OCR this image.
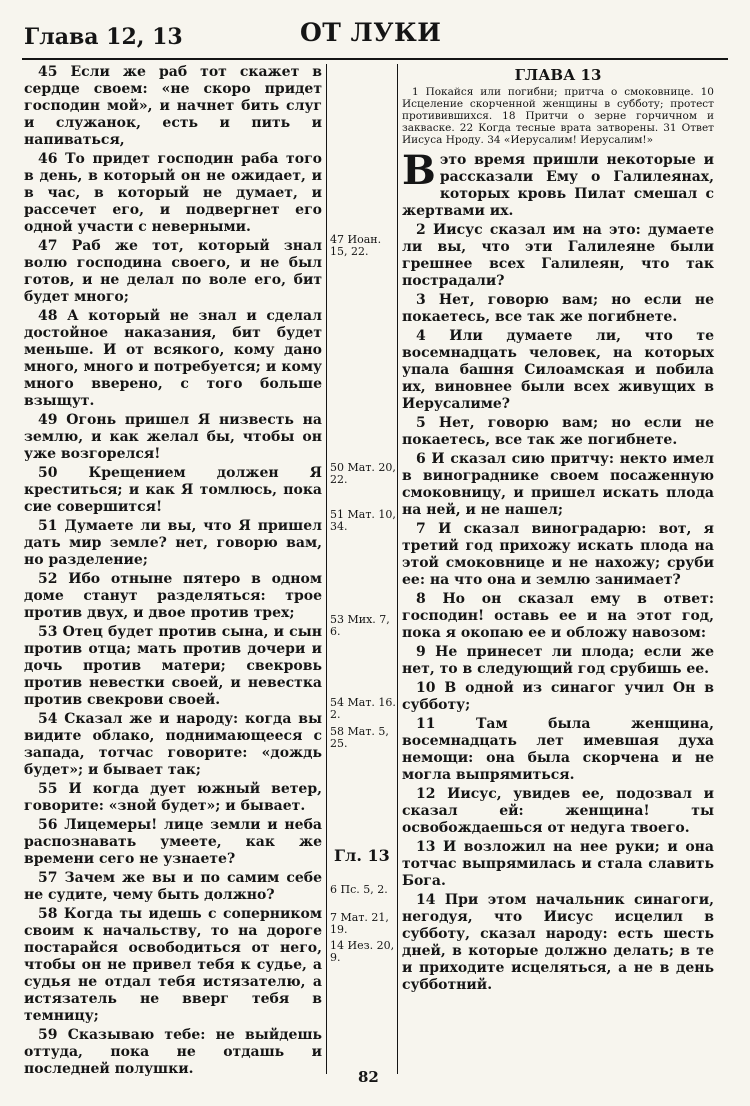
Глава 12, 13	ОТ ЛУКИ

45 Если же раб тот скажет в сердце своем: «не скоро придет господин мой», и начнет бить слуг и служанок, есть и пить и напиваться,

46 То придет господин раба того в день, в который он не ожидает, и в час, в который не думает, и рассечет его, и подвергнет его одной участи с неверными.

47 Раб же тот, который знал волю господина своего, и не был готов, и не делал по воле его, бит будет много;

48 А который не знал и сделал достойное наказания, бит будет меньше. И от всякого, кому дано много, много и потребуется; и кому много вверено, с того больше взыщут.

49 Огонь пришел Я низвесть на землю, и как желал бы, чтобы он уже возгорелся!

50 Крещением должен Я креститься; и как Я томлюсь, пока сие совершится!

51 Думаете ли вы, что Я пришел дать мир земле? нет, говорю вам, но разделение;

52 Ибо отныне пятеро в одном доме станут разделяться: трое против двух, и двое против трех;

53 Отец будет против сына, и сын против отца; мать против дочери и дочь против матери; свекровь против невестки своей, и невестка против свекрови своей.

54 Сказал же и народу: когда вы видите облако, поднимающееся с запада, тотчас говорите: «дождь будет»; и бывает так;

55 И когда дует южный ветер, говорите: «зной будет»; и бывает.

56 Лицемеры! лице земли и неба распознавать умеете, как же времени сего не узнаете?

57 Зачем же вы и по самим себе не судите, чему быть должно?

58 Когда ты идешь с соперником своим к начальству, то на дороге постарайся освободиться от него, чтобы он не привел тебя к судье, а судья не отдал тебя истязателю, а истязатель не вверг тебя в темницу;

59 Сказываю тебе: не выйдешь оттуда, пока не отдашь и последней полушки.

47 Иоан. 15, 22.
50 Мат. 20, 22.
51 Мат. 10, 34.
53 Мих. 7, 6.
54 Мат. 16. 2.
58 Мат. 5, 25.
Гл. 13
6 Пс. 5, 2.
7 Мат. 21, 19.
14 Иез. 20, 9.
ГЛАВА 13

1 Покайся или погибни; притча о смоковнице. 10 Исцеление скорченной женщины в субботу; протест противившихся. 18 Притчи о зерне горчичном и закваске. 22 Когда тесные врата затворены. 31 Ответ Иисуса Нроду. 34 «Иерусалим! Иерусалим!»

Вэто время пришли некоторые и рассказали Ему о Галилеянах, которых кровь Пилат смешал с жертвами их.

2 Иисус сказал им на это: думаете ли вы, что эти Галилеяне были грешнее всех Галилеян, что так пострадали?

3 Нет, говорю вам; но если не покаетесь, все так же погибнете.

4 Или думаете ли, что те восемнадцать человек, на которых упала башня Силоамская и побила их, виновнее были всех живущих в Иерусалиме?

5 Нет, говорю вам; но если не покаетесь, все так же погибнете.

6 И сказал сию притчу: некто имел в винограднике своем посаженную смоковницу, и пришел искать плода на ней, и не нашел;

7 И сказал виноградарю: вот, я третий год прихожу искать плода на этой смоковнице и не нахожу; сруби ее: на что она и землю занимает?

8 Но он сказал ему в ответ: господин! оставь ее и на этот год, пока я окопаю ее и обложу навозом:

9 Не принесет ли плода; если же нет, то в следующий год срубишь ее.

10 В одной из синагог учил Он в субботу;

11 Там была женщина, восемнадцать лет имевшая духа немощи: она была скорчена и не могла выпрямиться.

12 Иисус, увидев ее, подозвал и сказал ей: женщина! ты освобождаешься от недуга твоего.

13 И возложил на нее руки; и она тотчас выпрямилась и стала славить Бога.

14 При этом начальник синагоги, негодуя, что Иисус исцелил в субботу, сказал народу: есть шесть дней, в которые должно делать; в те и приходите исцеляться, а не в день субботний.

82
